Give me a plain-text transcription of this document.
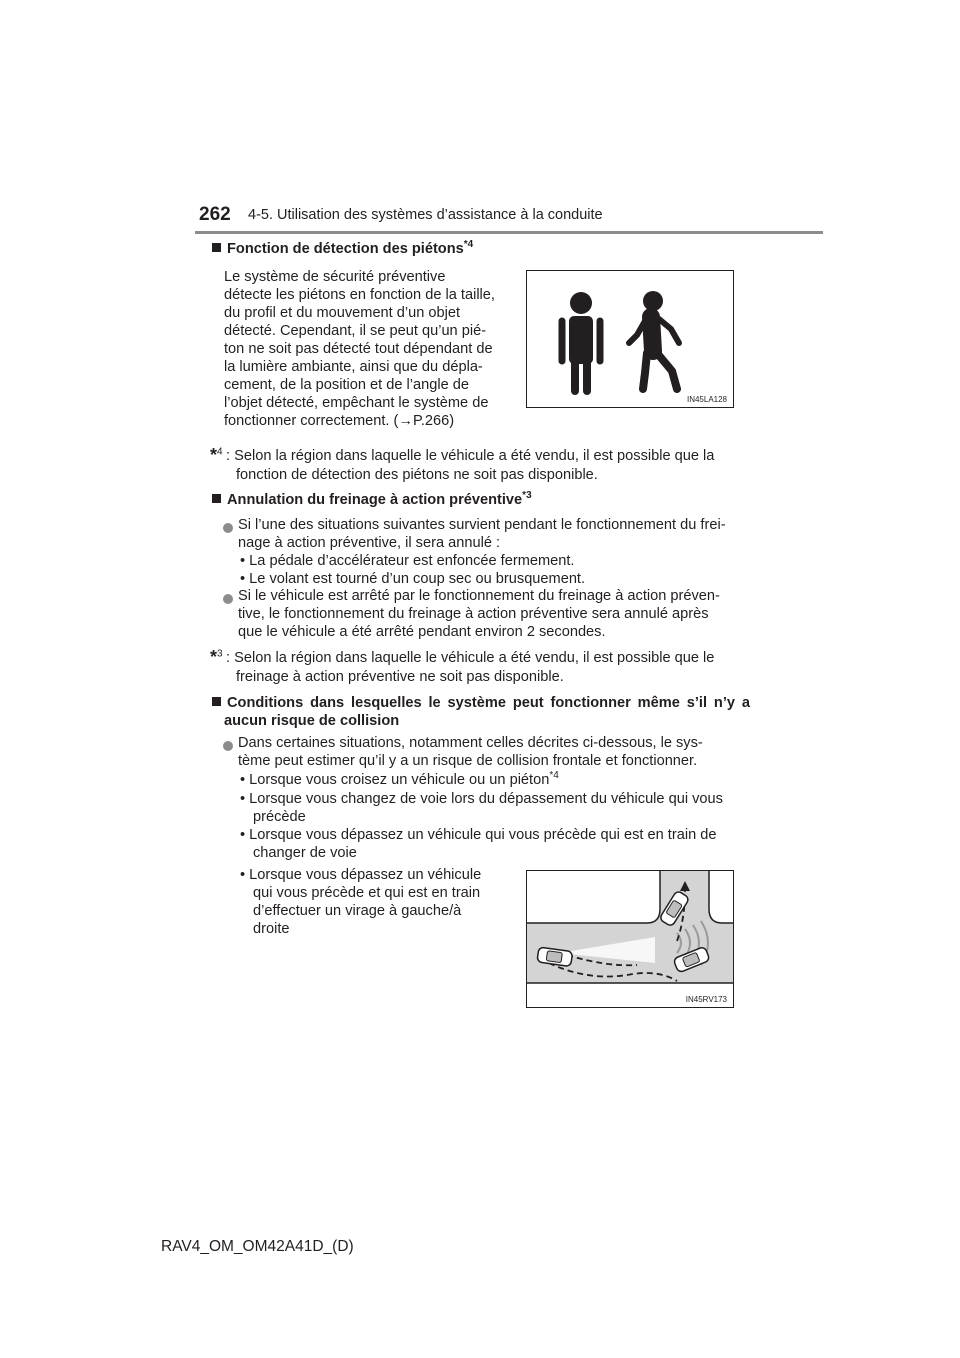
262 4-5. Utilisation des systèmes d’assistance à la conduite
Fonction de détection des piétons$^{*4}$
Le système de sécurité préventive
détecte les piétons en fonction de la taille,
du profil et du mouvement d’un objet
détecté. Cependant, il se peut qu’un pié-
ton ne soit pas détecté tout dépendant de
la lumière ambiante, ainsi que du dépla-
cement, de la position et de l’angle de
l’objet détecté, empêchant le système de
fonctionner correctement. (→P.266)
IN45LA128
*$^4$ : Selon la région dans laquelle le véhicule a été vendu, il est possible que la
fonction de détection des piétons ne soit pas disponible.
Annulation du freinage à action préventive$^{*3}$
Si l’une des situations suivantes survient pendant le fonctionnement du frei-
nage à action préventive, il sera annulé :
• La pédale d’accélérateur est enfoncée fermement.
• Le volant est tourné d’un coup sec ou brusquement.
Si le véhicule est arrêté par le fonctionnement du freinage à action préven-
tive, le fonctionnement du freinage à action préventive sera annulé après
que le véhicule a été arrêté pendant environ 2 secondes.
*$^3$ : Selon la région dans laquelle le véhicule a été vendu, il est possible que le
freinage à action préventive ne soit pas disponible.
Conditions dans lesquelles le système peut fonctionner même s’il n’y a
aucun risque de collision
Dans certaines situations, notamment celles décrites ci-dessous, le sys-
tème peut estimer qu’il y a un risque de collision frontale et fonctionner.
• Lorsque vous croisez un véhicule ou un piéton$^{*4}$
• Lorsque vous changez de voie lors du dépassement du véhicule qui vous
précède
• Lorsque vous dépassez un véhicule qui vous précède qui est en train de
changer de voie
• Lorsque vous dépassez un véhicule
qui vous précède et qui est en train
d’effectuer un virage à gauche/à
droite
IN45RV173
RAV4_OM_OM42A41D_(D)
